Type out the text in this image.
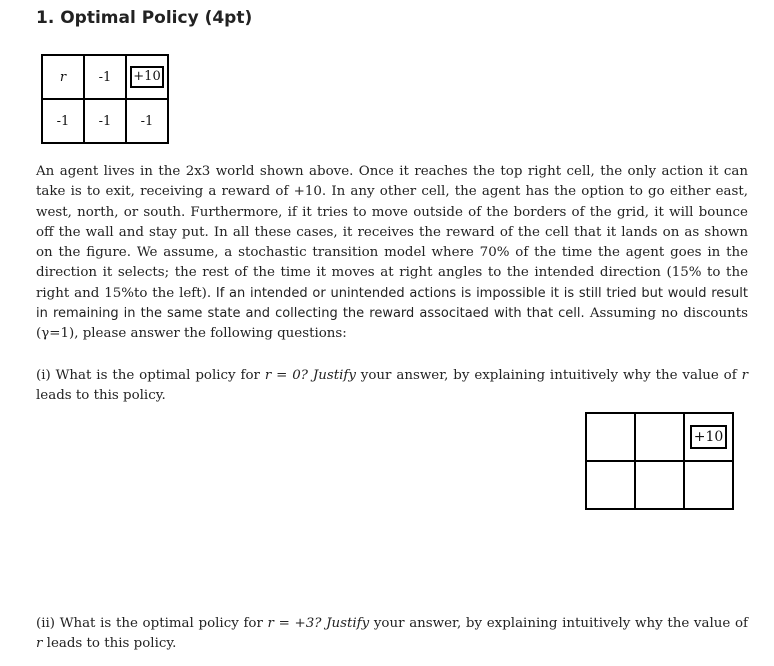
1. Optimal Policy (4pt)
r	-1 +10
-1 -1 -1
An agent lives in the 2x3 world shown above. Once it reaches the top right cell, the only action it can take is to exit, receiving a reward of +10. In any other cell, the agent has the option to go either east, west, north, or south. Furthermore, if it tries to move outside of the borders of the grid, it will bounce off the wall and stay put. In all these cases, it receives the reward of the cell that it lands on as shown on the figure. We assume, a stochastic transition model where 70% of the time the agent goes in the direction it selects; the rest of the time it moves at right angles to the intended direction (15% to the right and 15%to the left). If an intended or unintended actions is impossible it is still tried but would result in remaining in the same state and collecting the reward associtaed with that cell. Assuming no discounts (γ=1), please answer the following questions:
(i) What is the optimal policy for r = 0? Justify your answer, by explaining intuitively why the value of r leads to this policy.
+10
(ii) What is the optimal policy for r = +3? Justify your answer, by explaining intuitively why the value of r leads to this policy.
